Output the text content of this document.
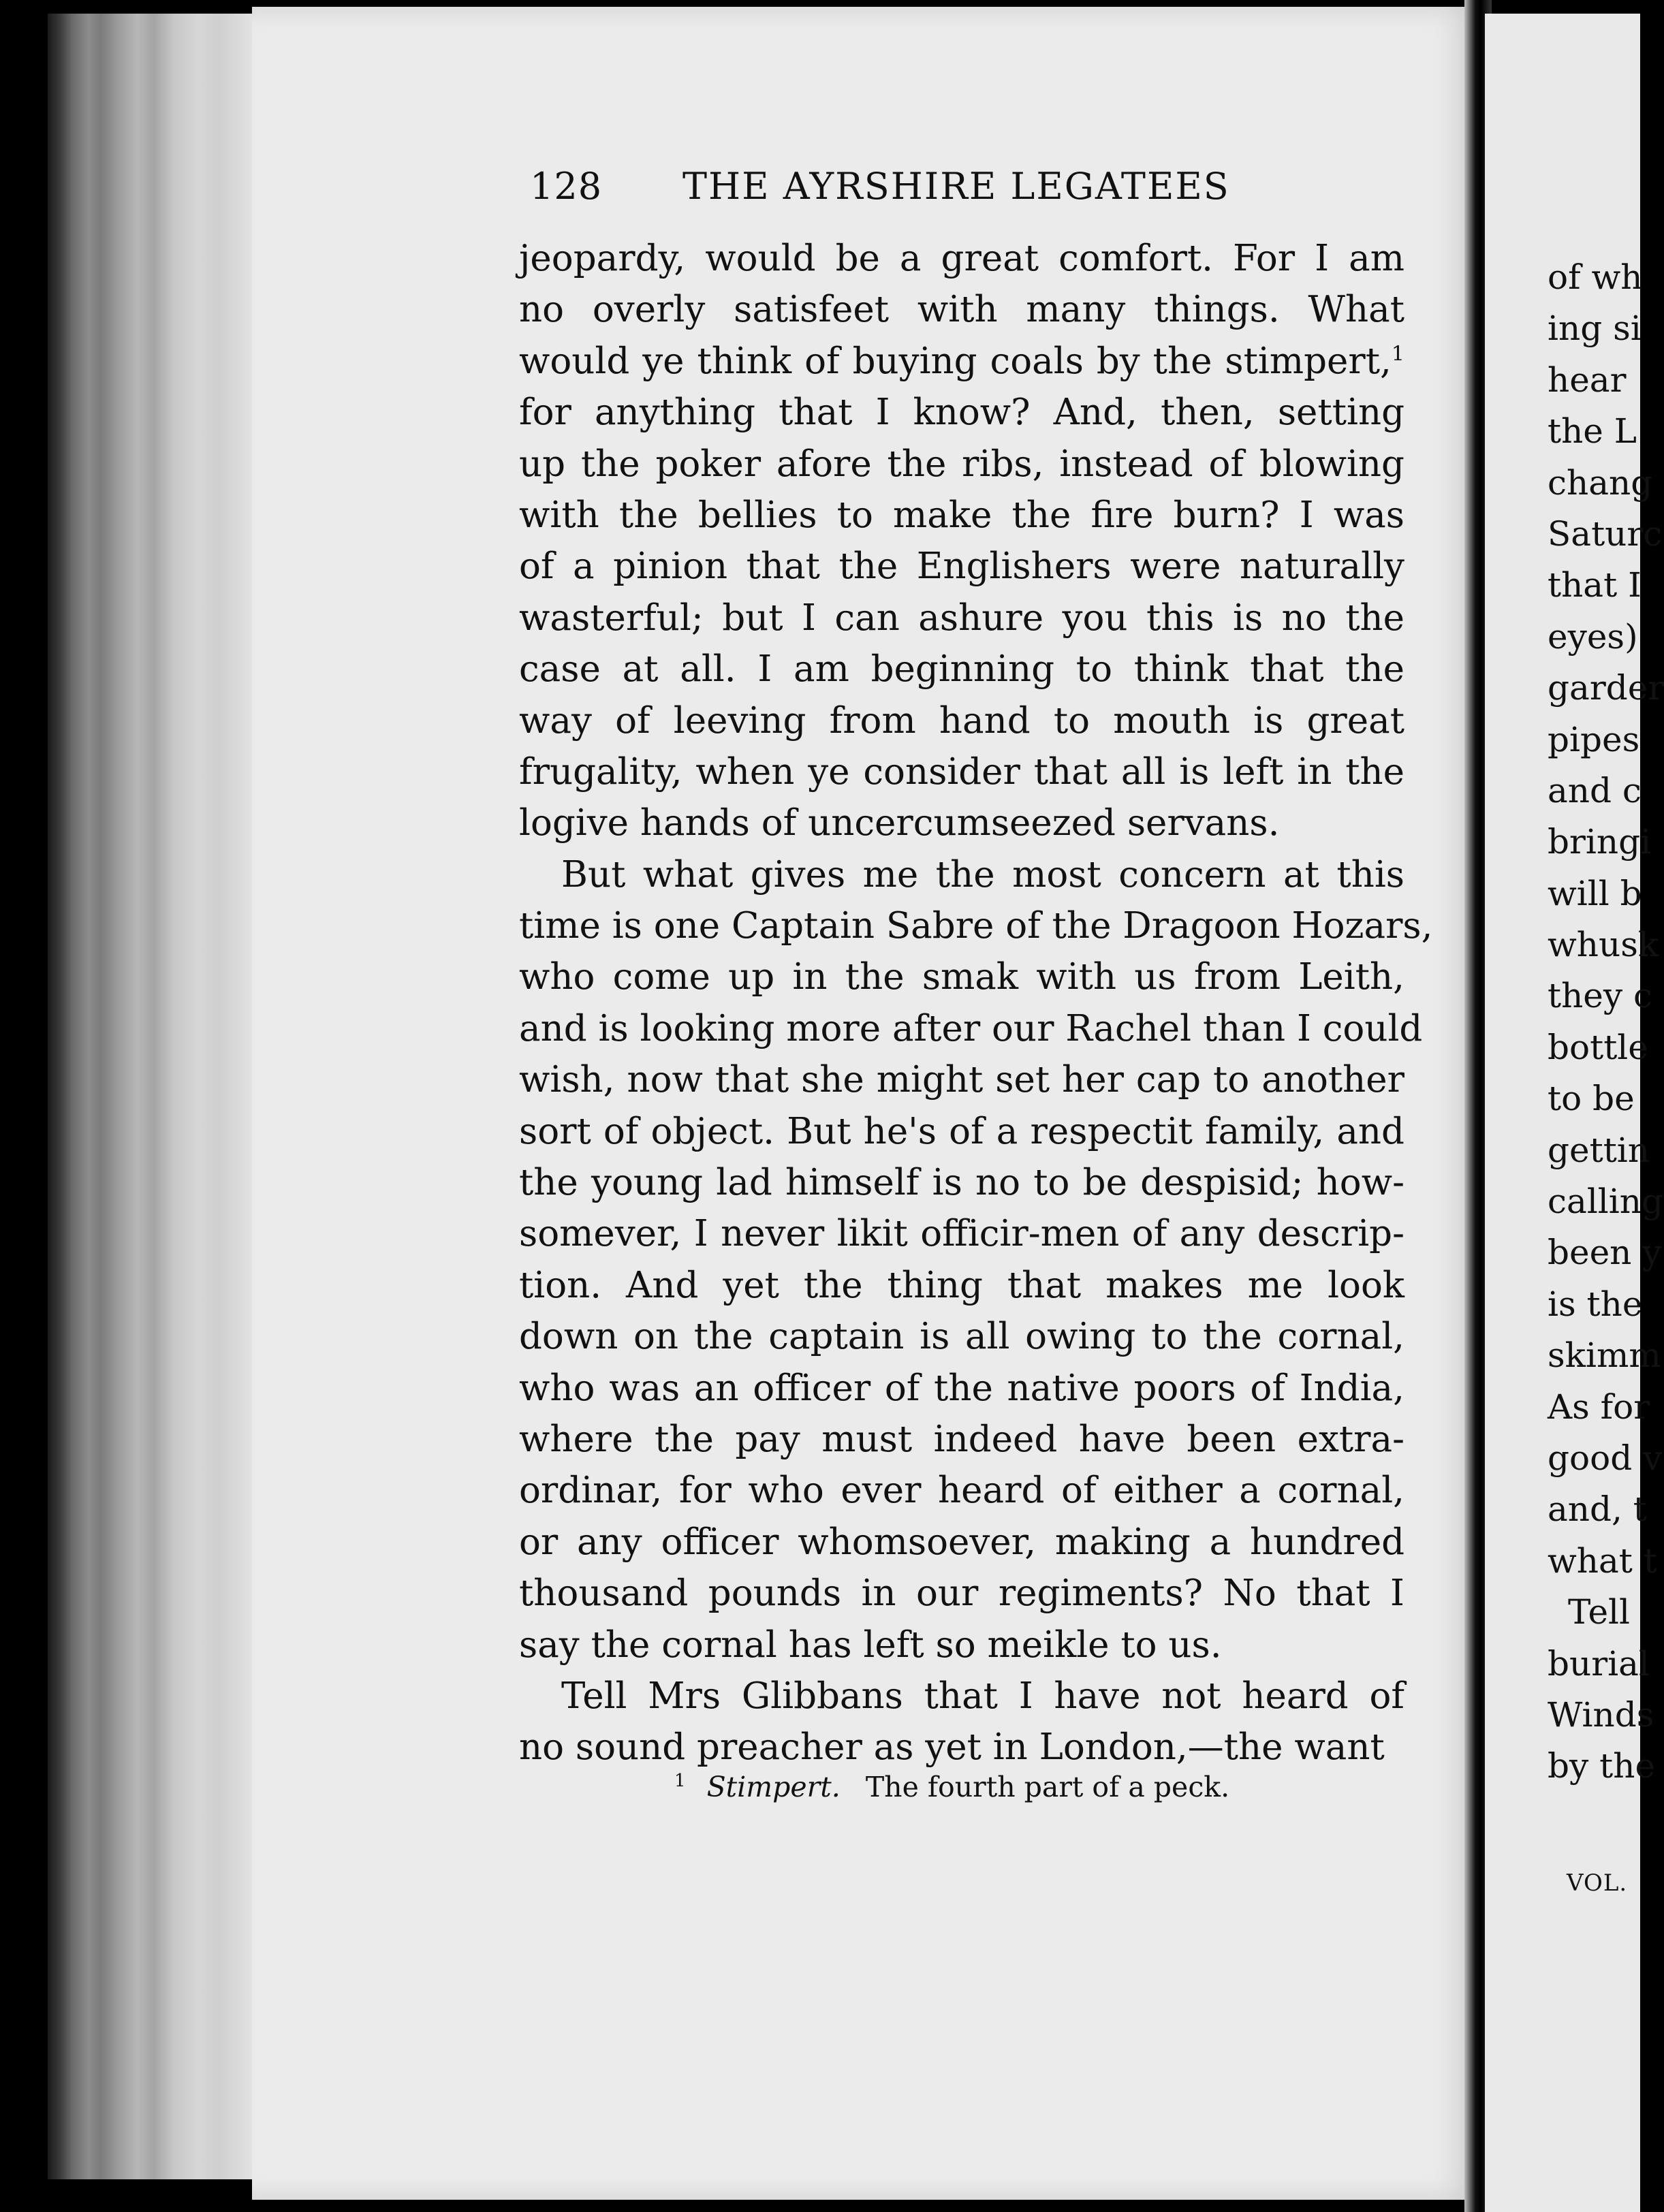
128 THE AYRSHIRE LEGATEES
jeopardy, would be a great comfort. For I am
no overly satisfeet with many things. What
would ye think of buying coals by the stimpert,$^1$
for anything that I know? And, then, setting
up the poker afore the ribs, instead of blowing
with the bellies to make the fire burn? I was
of a pinion that the Englishers were naturally
wasterful; but I can ashure you this is no the
case at all. I am beginning to think that the
way of leeving from hand to mouth is great
frugality, when ye consider that all is left in the
logive hands of uncercumseezed servans.
But what gives me the most concern at this
time is one Captain Sabre of the Dragoon Hozars,
who come up in the smak with us from Leith,
and is looking more after our Rachel than I could
wish, now that she might set her cap to another
sort of object. But he's of a respectit family, and
the young lad himself is no to be despisid; how-
somever, I never likit officir-men of any descrip-
tion. And yet the thing that makes me look
down on the captain is all owing to the cornal,
who was an officer of the native poors of India,
where the pay must indeed have been extra-
ordinar, for who ever heard of either a cornal,
or any officer whomsoever, making a hundred
thousand pounds in our regiments? No that I
say the cornal has left so meikle to us.
Tell Mrs Glibbans that I have not heard of
no sound preacher as yet in London,—the want
$^1$ Stimpert. The fourth part of a peck.
of wh
ing si
hear
the L
chang
Saturc
that I
eyes)
garder
pipes
and c
bringi
will b
whusk
they c
bottle
to be
gettin
calling
been y
is the
skimm
As for
good v
and, t
what t
Tell
burial
Winds
by the
VOL.
